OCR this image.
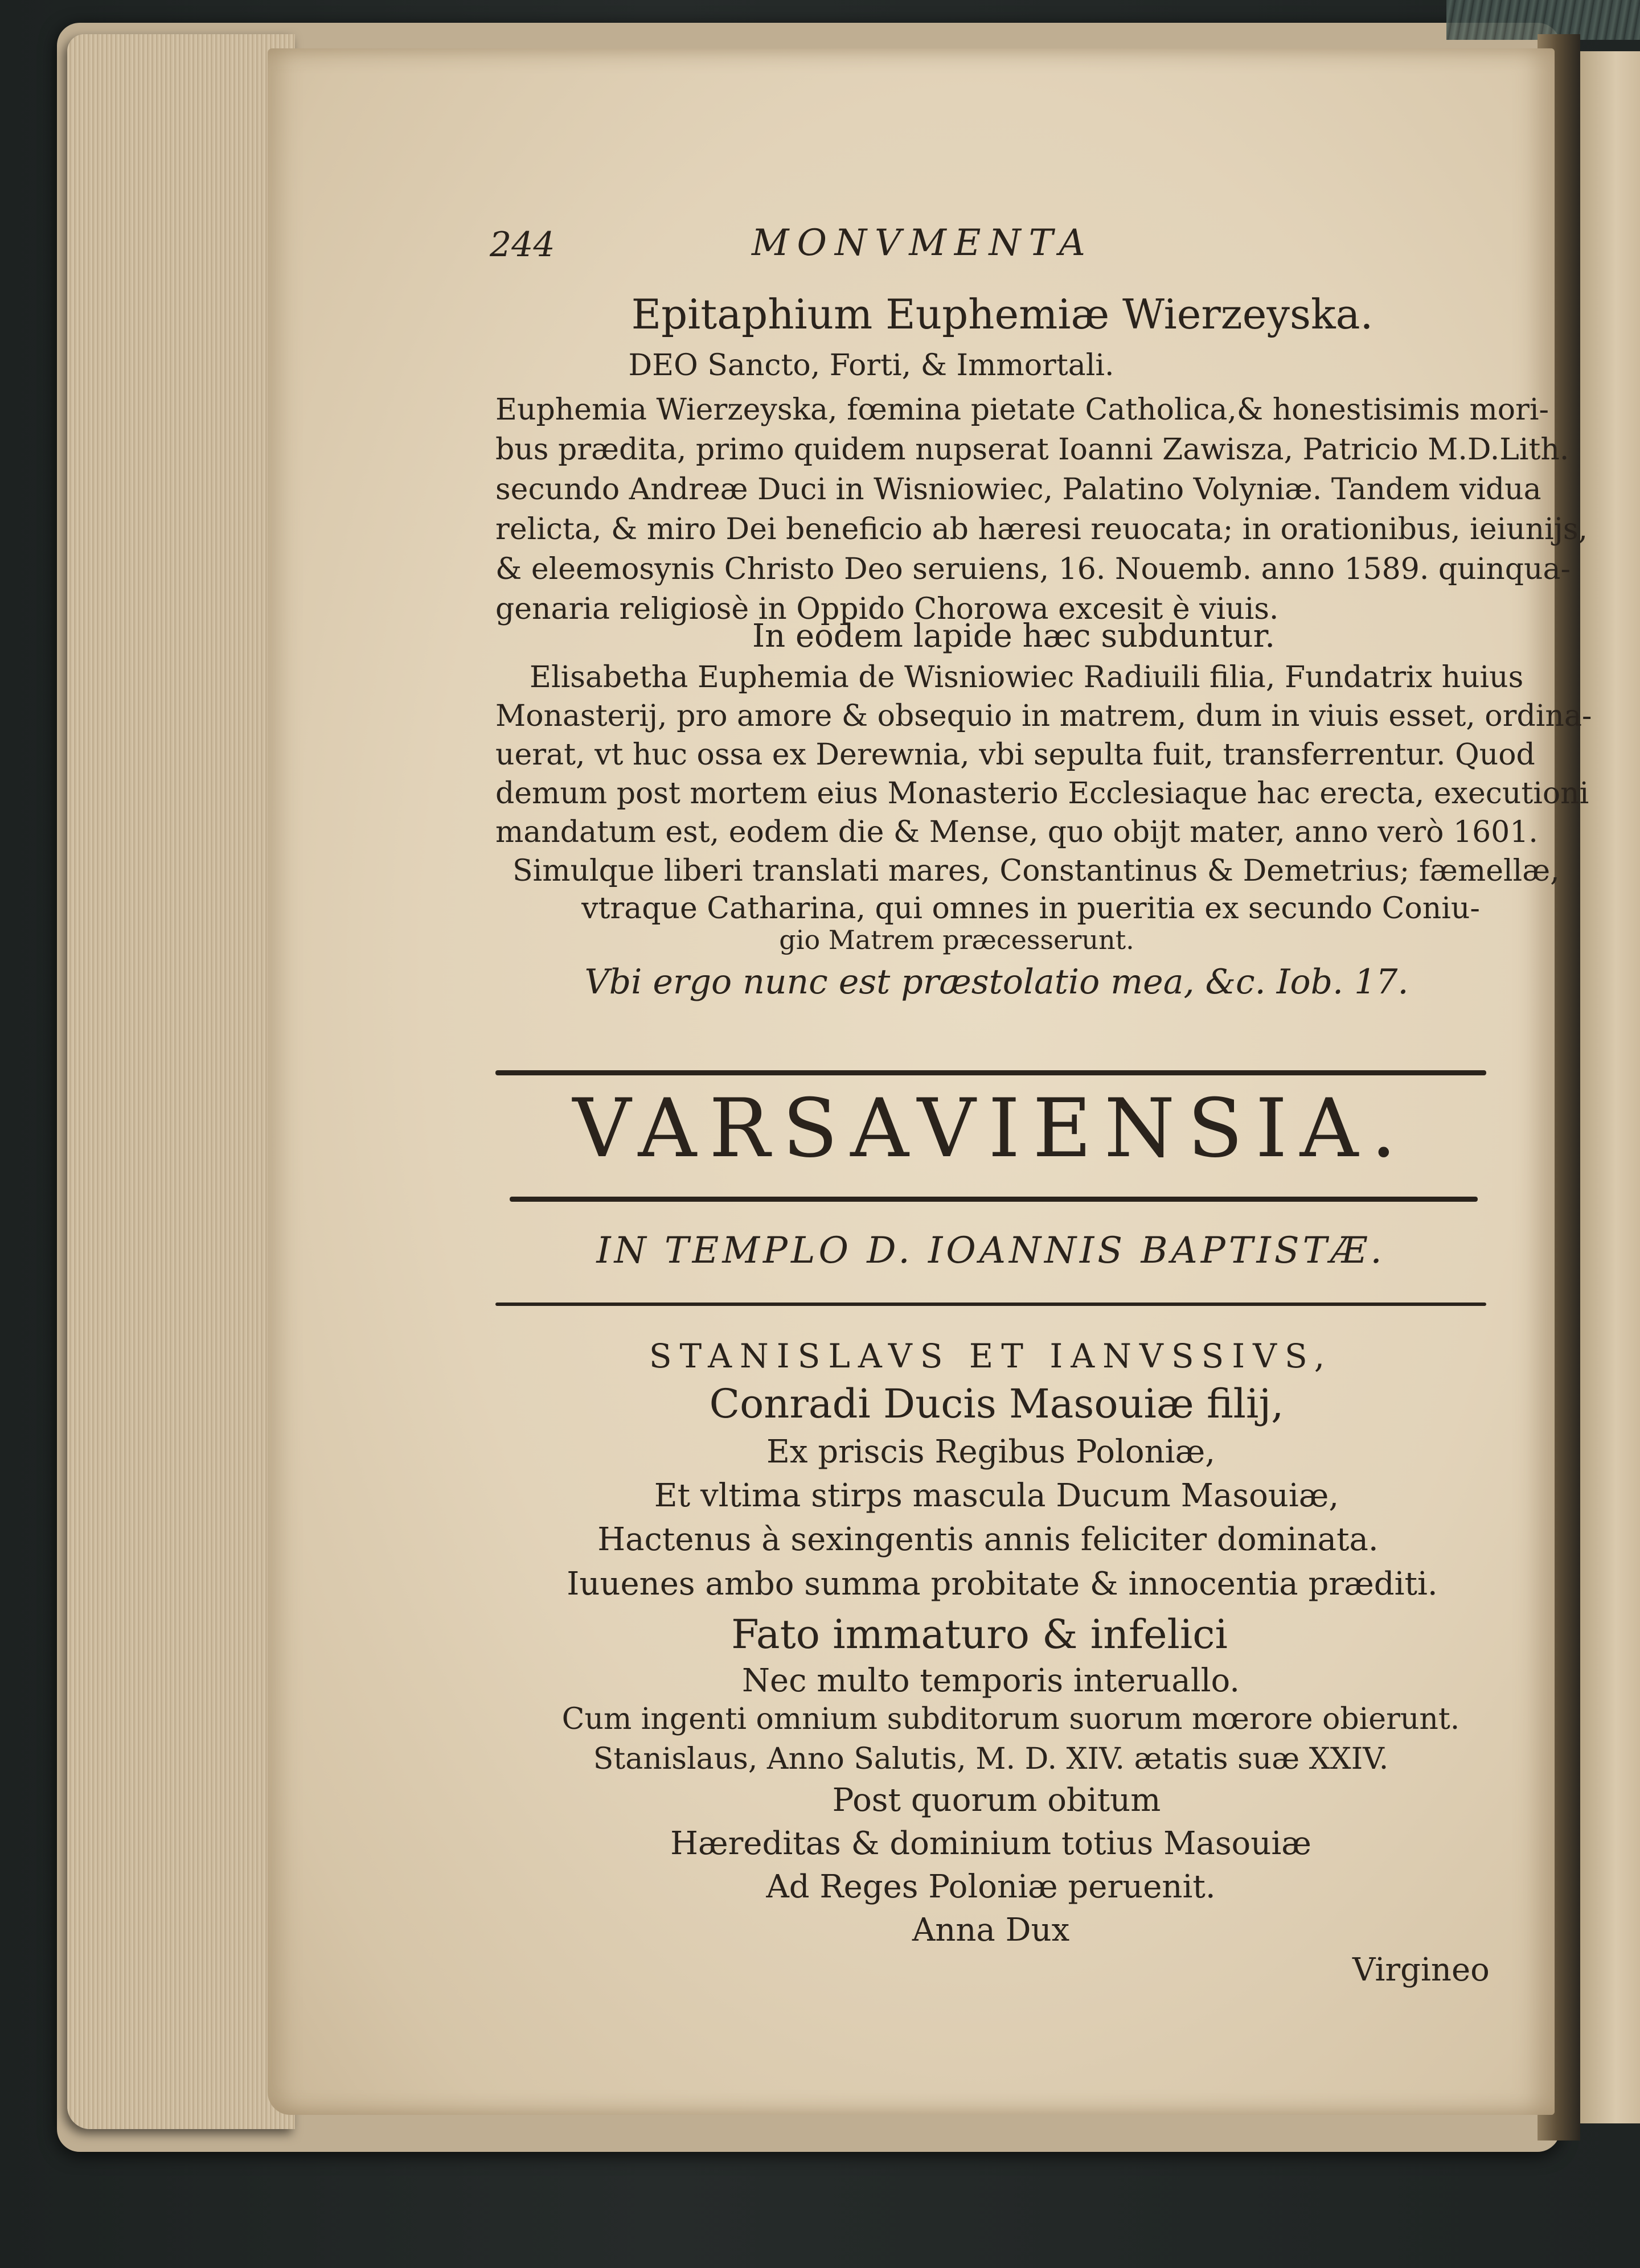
244	MONVMENTA
Epitaphium Euphemiæ Wierzeyska.
DEO Sancto, Forti, & Immortali.
Euphemia Wierzeyska, fœmina pietate Catholica,& honestisimis mori-
bus prædita, primo quidem nupserat Ioanni Zawisza, Patricio M.D.Lith.
secundo Andreæ Duci in Wisniowiec, Palatino Volyniæ. Tandem vidua
relicta, & miro Dei beneficio ab hæresi reuocata; in orationibus, ieiunijs,
& eleemosynis Christo Deo seruiens, 16. Nouemb. anno 1589. quinqua-
genaria religiosè in Oppido Chorowa excesit è viuis.
In eodem lapide hæc subduntur.
Elisabetha Euphemia de Wisniowiec Radiuili filia, Fundatrix huius
Monasterij, pro amore & obsequio in matrem, dum in viuis esset, ordina-
uerat, vt huc ossa ex Derewnia, vbi sepulta fuit, transferrentur. Quod
demum post mortem eius Monasterio Ecclesiaque hac erecta, executioni
mandatum est, eodem die & Mense, quo obijt mater, anno verò 1601.
Simulque liberi translati mares, Constantinus & Demetrius; fæmellæ,
vtraque Catharina, qui omnes in pueritia ex secundo Coniu-
gio Matrem præcesserunt.
Vbi ergo nunc est præstolatio mea, &c. Iob. 17.
VARSAVIENSIA.
IN TEMPLO D. IOANNIS BAPTISTÆ.
STANISLAVS ET IANVSSIVS,
Conradi Ducis Masouiæ filij,
Ex priscis Regibus Poloniæ,
Et vltima stirps mascula Ducum Masouiæ,
Hactenus à sexingentis annis feliciter dominata.
Iuuenes ambo summa probitate & innocentia præditi.
Fato immaturo & infelici
Nec multo temporis interuallo.
Cum ingenti omnium subditorum suorum mœrore obierunt.
Stanislaus, Anno Salutis, M. D. XIV. ætatis suæ XXIV.
Post quorum obitum
Hæreditas & dominium totius Masouiæ
Ad Reges Poloniæ peruenit.
Anna Dux
Virgineo
